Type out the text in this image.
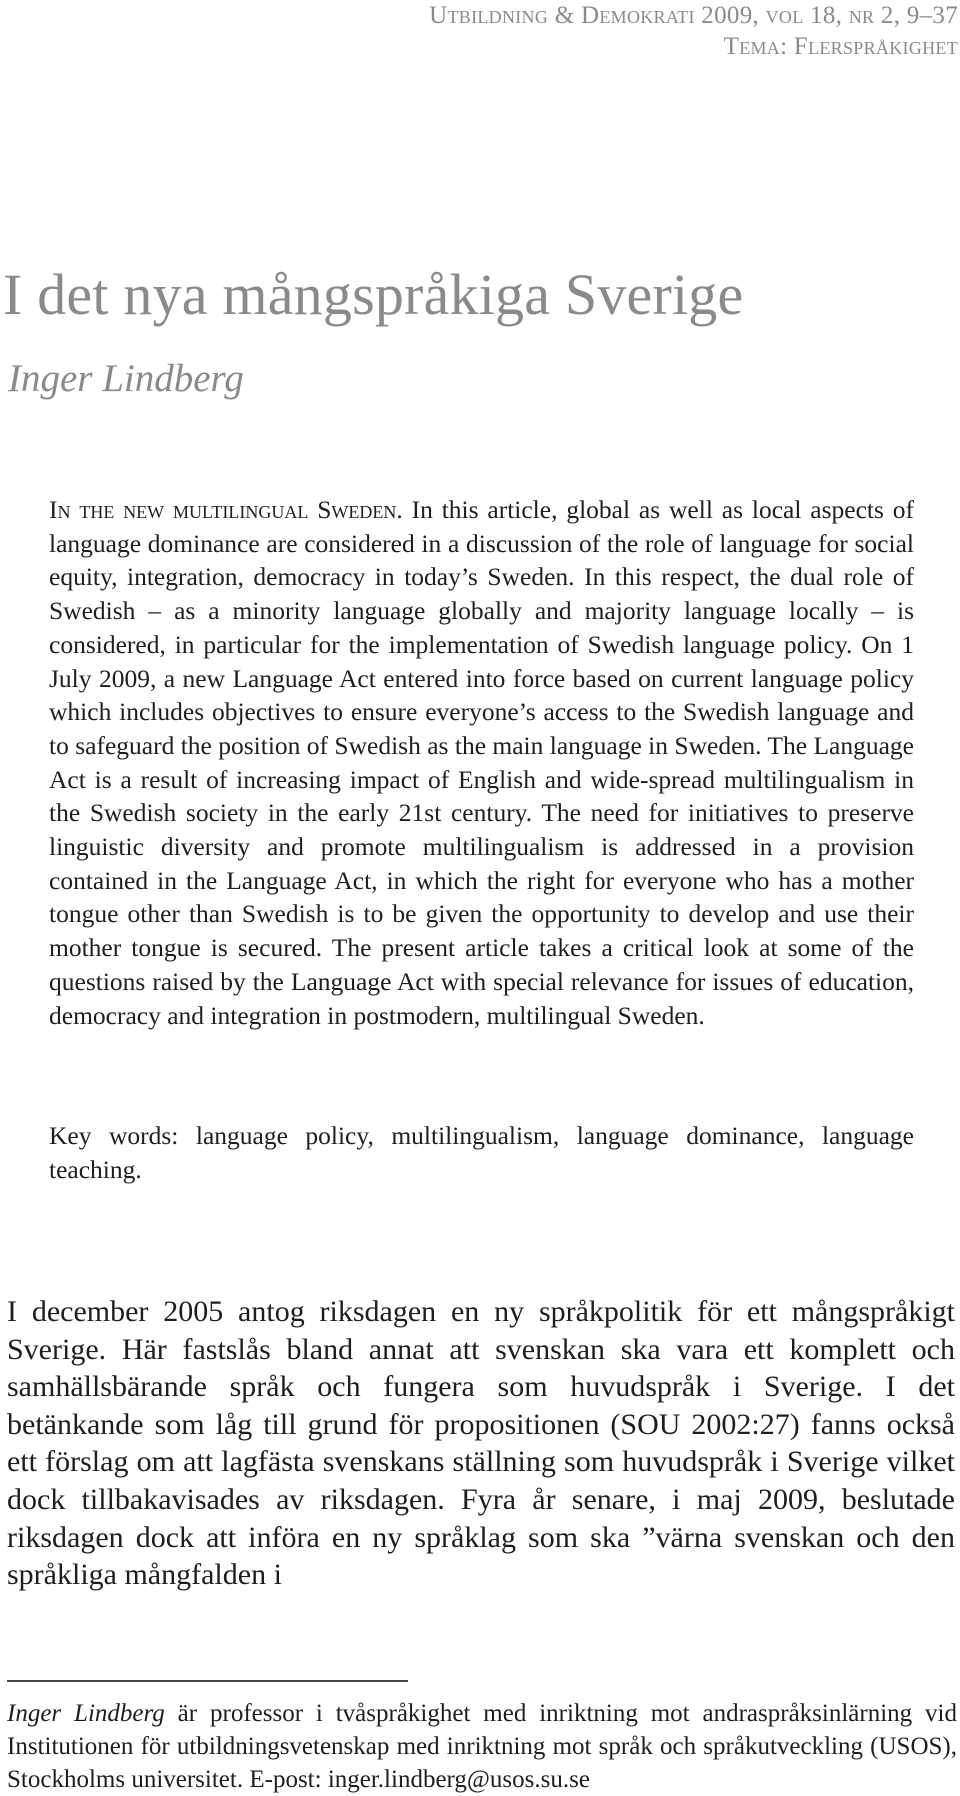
Utbildning & Demokrati 2009, vol 18, nr 2, 9–37
Tema: Flerspråkighet
I det nya mångspråkiga Sverige
Inger Lindberg
In the new multilingual Sweden. In this article, global as well as local aspects of language dominance are considered in a discussion of the role of language for social equity, integration, democracy in today’s Sweden. In this respect, the dual role of Swedish – as a minority language globally and majority language locally – is considered, in particular for the implementation of Swedish language policy. On 1 July 2009, a new Language Act entered into force based on current language policy which includes objectives to ensure everyone’s access to the Swedish language and to safeguard the position of Swedish as the main language in Sweden. The Language Act is a result of increasing impact of English and wide-spread multilingualism in the Swedish society in the early 21st century. The need for initiatives to preserve linguistic diversity and promote multilingualism is addressed in a provision contained in the Language Act, in which the right for everyone who has a mother tongue other than Swedish is to be given the opportunity to develop and use their mother tongue is secured. The present article takes a critical look at some of the questions raised by the Language Act with special relevance for issues of education, democracy and integration in postmodern, multilingual Sweden.
Key words: language policy, multilingualism, language dominance, language teaching.
I december 2005 antog riksdagen en ny språkpolitik för ett mångspråkigt Sverige. Här fastslås bland annat att svenskan ska vara ett komplett och samhällsbärande språk och fungera som huvudspråk i Sverige. I det betänkande som låg till grund för propositionen (SOU 2002:27) fanns också ett förslag om att lagfästa svenskans ställning som huvudspråk i Sverige vilket dock tillbakavisades av riksdagen. Fyra år senare, i maj 2009, beslutade riksdagen dock att införa en ny språklag som ska ”värna svenskan och den språkliga mångfalden i
Inger Lindberg är professor i tvåspråkighet med inriktning mot andraspråksinlärning vid Institutionen för utbildningsvetenskap med inriktning mot språk och språkutveckling (USOS), Stockholms universitet. E-post: inger.lindberg@usos.su.se
